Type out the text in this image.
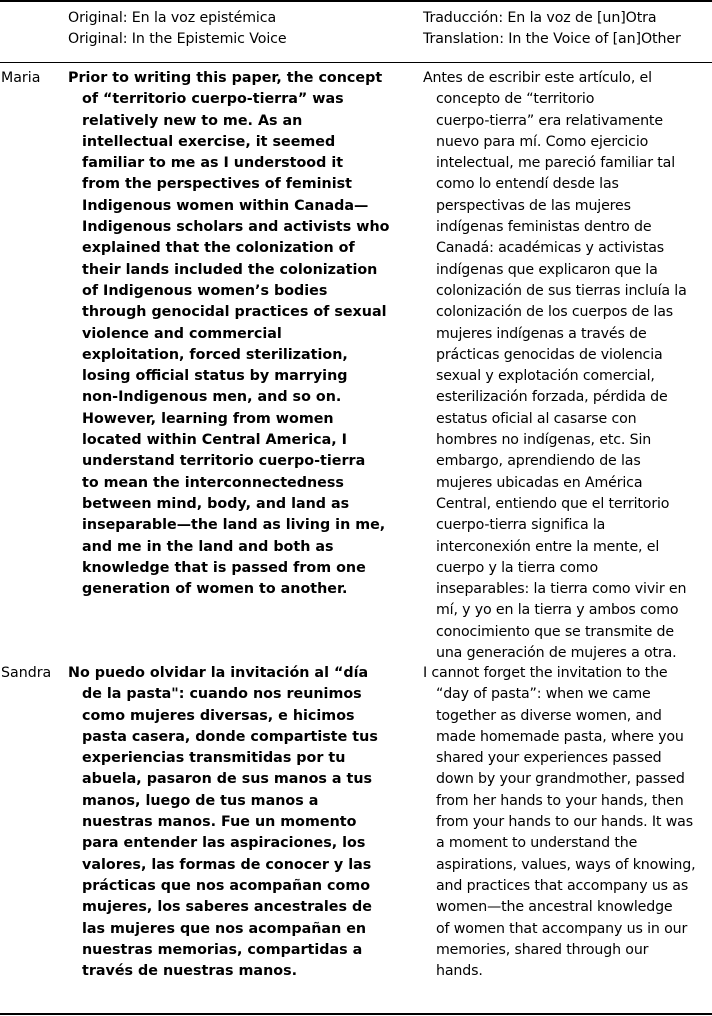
Original: En la voz epistémica
Original: In the Epistemic Voice
Traducción: En la voz de [un]Otra
Translation: In the Voice of [an]Other
Maria Prior to writing this paper, the concept
of “territorio cuerpo-tierra” was
relatively new to me. As an
intellectual exercise, it seemed
familiar to me as I understood it
from the perspectives of feminist
Indigenous women within Canada—
Indigenous scholars and activists who
explained that the colonization of
their lands included the colonization
of Indigenous women’s bodies
through genocidal practices of sexual
violence and commercial
exploitation, forced sterilization,
losing official status by marrying
non-Indigenous men, and so on.
However, learning from women
located within Central America, I
understand territorio cuerpo-tierra
to mean the interconnectedness
between mind, body, and land as
inseparable—the land as living in me,
and me in the land and both as
knowledge that is passed from one
generation of women to another.
Antes de escribir este artículo, el
concepto de “territorio
cuerpo-tierra” era relativamente
nuevo para mí. Como ejercicio
intelectual, me pareció familiar tal
como lo entendí desde las
perspectivas de las mujeres
indígenas feministas dentro de
Canadá: académicas y activistas
indígenas que explicaron que la
colonización de sus tierras incluía la
colonización de los cuerpos de las
mujeres indígenas a través de
prácticas genocidas de violencia
sexual y explotación comercial,
esterilización forzada, pérdida de
estatus oficial al casarse con
hombres no indígenas, etc. Sin
embargo, aprendiendo de las
mujeres ubicadas en América
Central, entiendo que el territorio
cuerpo-tierra significa la
interconexión entre la mente, el
cuerpo y la tierra como
inseparables: la tierra como vivir en
mí, y yo en la tierra y ambos como
conocimiento que se transmite de
una generación de mujeres a otra.
Sandra No puedo olvidar la invitación al “día
de la pasta": cuando nos reunimos
como mujeres diversas, e hicimos
pasta casera, donde compartiste tus
experiencias transmitidas por tu
abuela, pasaron de sus manos a tus
manos, luego de tus manos a
nuestras manos. Fue un momento
para entender las aspiraciones, los
valores, las formas de conocer y las
prácticas que nos acompañan como
mujeres, los saberes ancestrales de
las mujeres que nos acompañan en
nuestras memorias, compartidas a
través de nuestras manos.
I cannot forget the invitation to the
“day of pasta”: when we came
together as diverse women, and
made homemade pasta, where you
shared your experiences passed
down by your grandmother, passed
from her hands to your hands, then
from your hands to our hands. It was
a moment to understand the
aspirations, values, ways of knowing,
and practices that accompany us as
women—the ancestral knowledge
of women that accompany us in our
memories, shared through our
hands.
